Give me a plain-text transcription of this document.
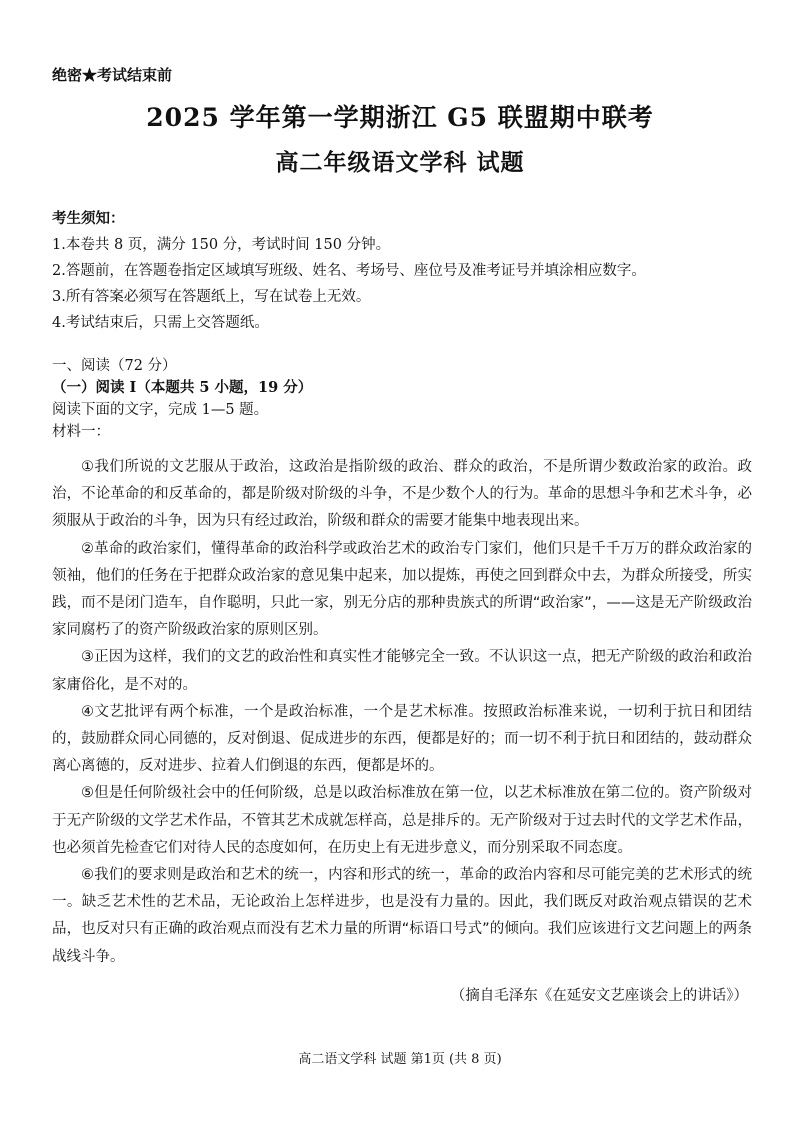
绝密★考试结束前
2025 学年第一学期浙江 G5 联盟期中联考
高二年级语文学科 试题
考生须知：
1.本卷共 8 页，满分 150 分，考试时间 150 分钟。
2.答题前，在答题卷指定区域填写班级、姓名、考场号、座位号及准考证号并填涂相应数字。
3.所有答案必须写在答题纸上，写在试卷上无效。
4.考试结束后，只需上交答题纸。
一、阅读（72 分）
（一）阅读 I（本题共 5 小题，19 分）
阅读下面的文字，完成 1—5 题。
材料一：

①我们所说的文艺服从于政治，这政治是指阶级的政治、群众的政治，不是所谓少数政治家的政治。政治，不论革命的和反革命的，都是阶级对阶级的斗争，不是少数个人的行为。革命的思想斗争和艺术斗争，必须服从于政治的斗争，因为只有经过政治，阶级和群众的需要才能集中地表现出来。

②革命的政治家们，懂得革命的政治科学或政治艺术的政治专门家们，他们只是千千万万的群众政治家的领袖，他们的任务在于把群众政治家的意见集中起来，加以提炼，再使之回到群众中去，为群众所接受，所实践，而不是闭门造车，自作聪明，只此一家，别无分店的那种贵族式的所谓“政治家”，——这是无产阶级政治家同腐朽了的资产阶级政治家的原则区别。

③正因为这样，我们的文艺的政治性和真实性才能够完全一致。不认识这一点，把无产阶级的政治和政治家庸俗化，是不对的。

④文艺批评有两个标准，一个是政治标准，一个是艺术标准。按照政治标准来说，一切利于抗日和团结的，鼓励群众同心同德的，反对倒退、促成进步的东西，便都是好的；而一切不利于抗日和团结的，鼓动群众离心离德的，反对进步、拉着人们倒退的东西，便都是坏的。

⑤但是任何阶级社会中的任何阶级，总是以政治标准放在第一位，以艺术标准放在第二位的。资产阶级对于无产阶级的文学艺术作品，不管其艺术成就怎样高，总是排斥的。无产阶级对于过去时代的文学艺术作品，也必须首先检查它们对待人民的态度如何，在历史上有无进步意义，而分别采取不同态度。

⑥我们的要求则是政治和艺术的统一，内容和形式的统一，革命的政治内容和尽可能完美的艺术形式的统一。缺乏艺术性的艺术品，无论政治上怎样进步，也是没有力量的。因此，我们既反对政治观点错误的艺术品，也反对只有正确的政治观点而没有艺术力量的所谓“标语口号式”的倾向。我们应该进行文艺问题上的两条战线斗争。

（摘自毛泽东《在延安文艺座谈会上的讲话》）
高二语文学科 试题 第1页 (共 8 页)
